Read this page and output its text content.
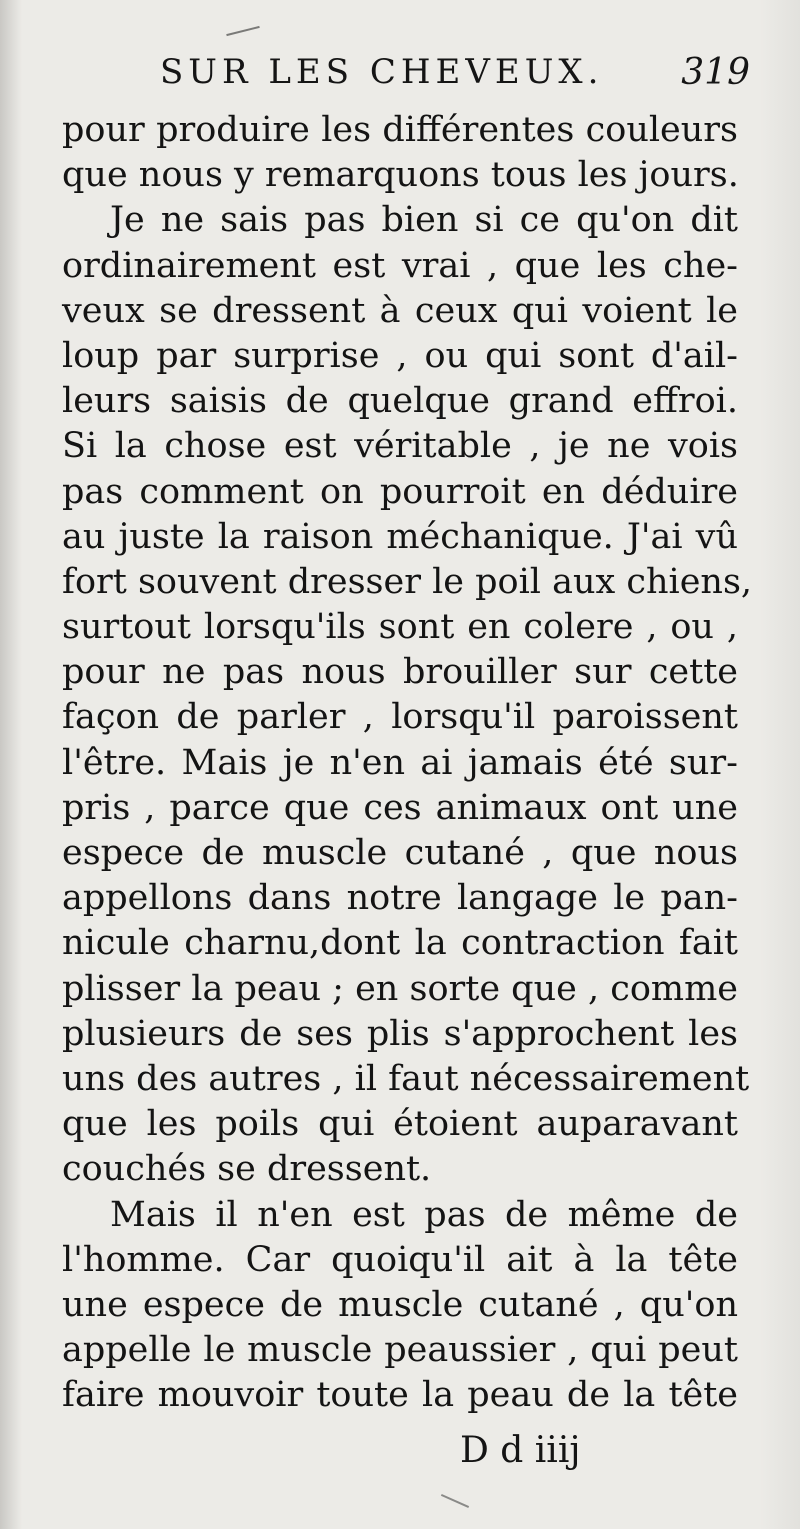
SUR LES CHEVEUX. 319
pour produire les différentes couleurs
que nous y remarquons tous les jours.
Je ne sais pas bien si ce qu'on dit
ordinairement est vrai , que les che-
veux se dressent à ceux qui voient le
loup par surprise , ou qui sont d'ail-
leurs saisis de quelque grand effroi.
Si la chose est véritable , je ne vois
pas comment on pourroit en déduire
au juste la raison méchanique. J'ai vû
fort souvent dresser le poil aux chiens,
surtout lorsqu'ils sont en colere , ou ,
pour ne pas nous brouiller sur cette
façon de parler , lorsqu'il paroissent
l'être. Mais je n'en ai jamais été sur-
pris , parce que ces animaux ont une
espece de muscle cutané , que nous
appellons dans notre langage le pan-
nicule charnu,dont la contraction fait
plisser la peau ; en sorte que , comme
plusieurs de ses plis s'approchent les
uns des autres , il faut nécessairement
que les poils qui étoient auparavant
couchés se dressent.
Mais il n'en est pas de même de
l'homme. Car quoiqu'il ait à la tête
une espece de muscle cutané , qu'on
appelle le muscle peaussier , qui peut
faire mouvoir toute la peau de la tête
D d iiij
